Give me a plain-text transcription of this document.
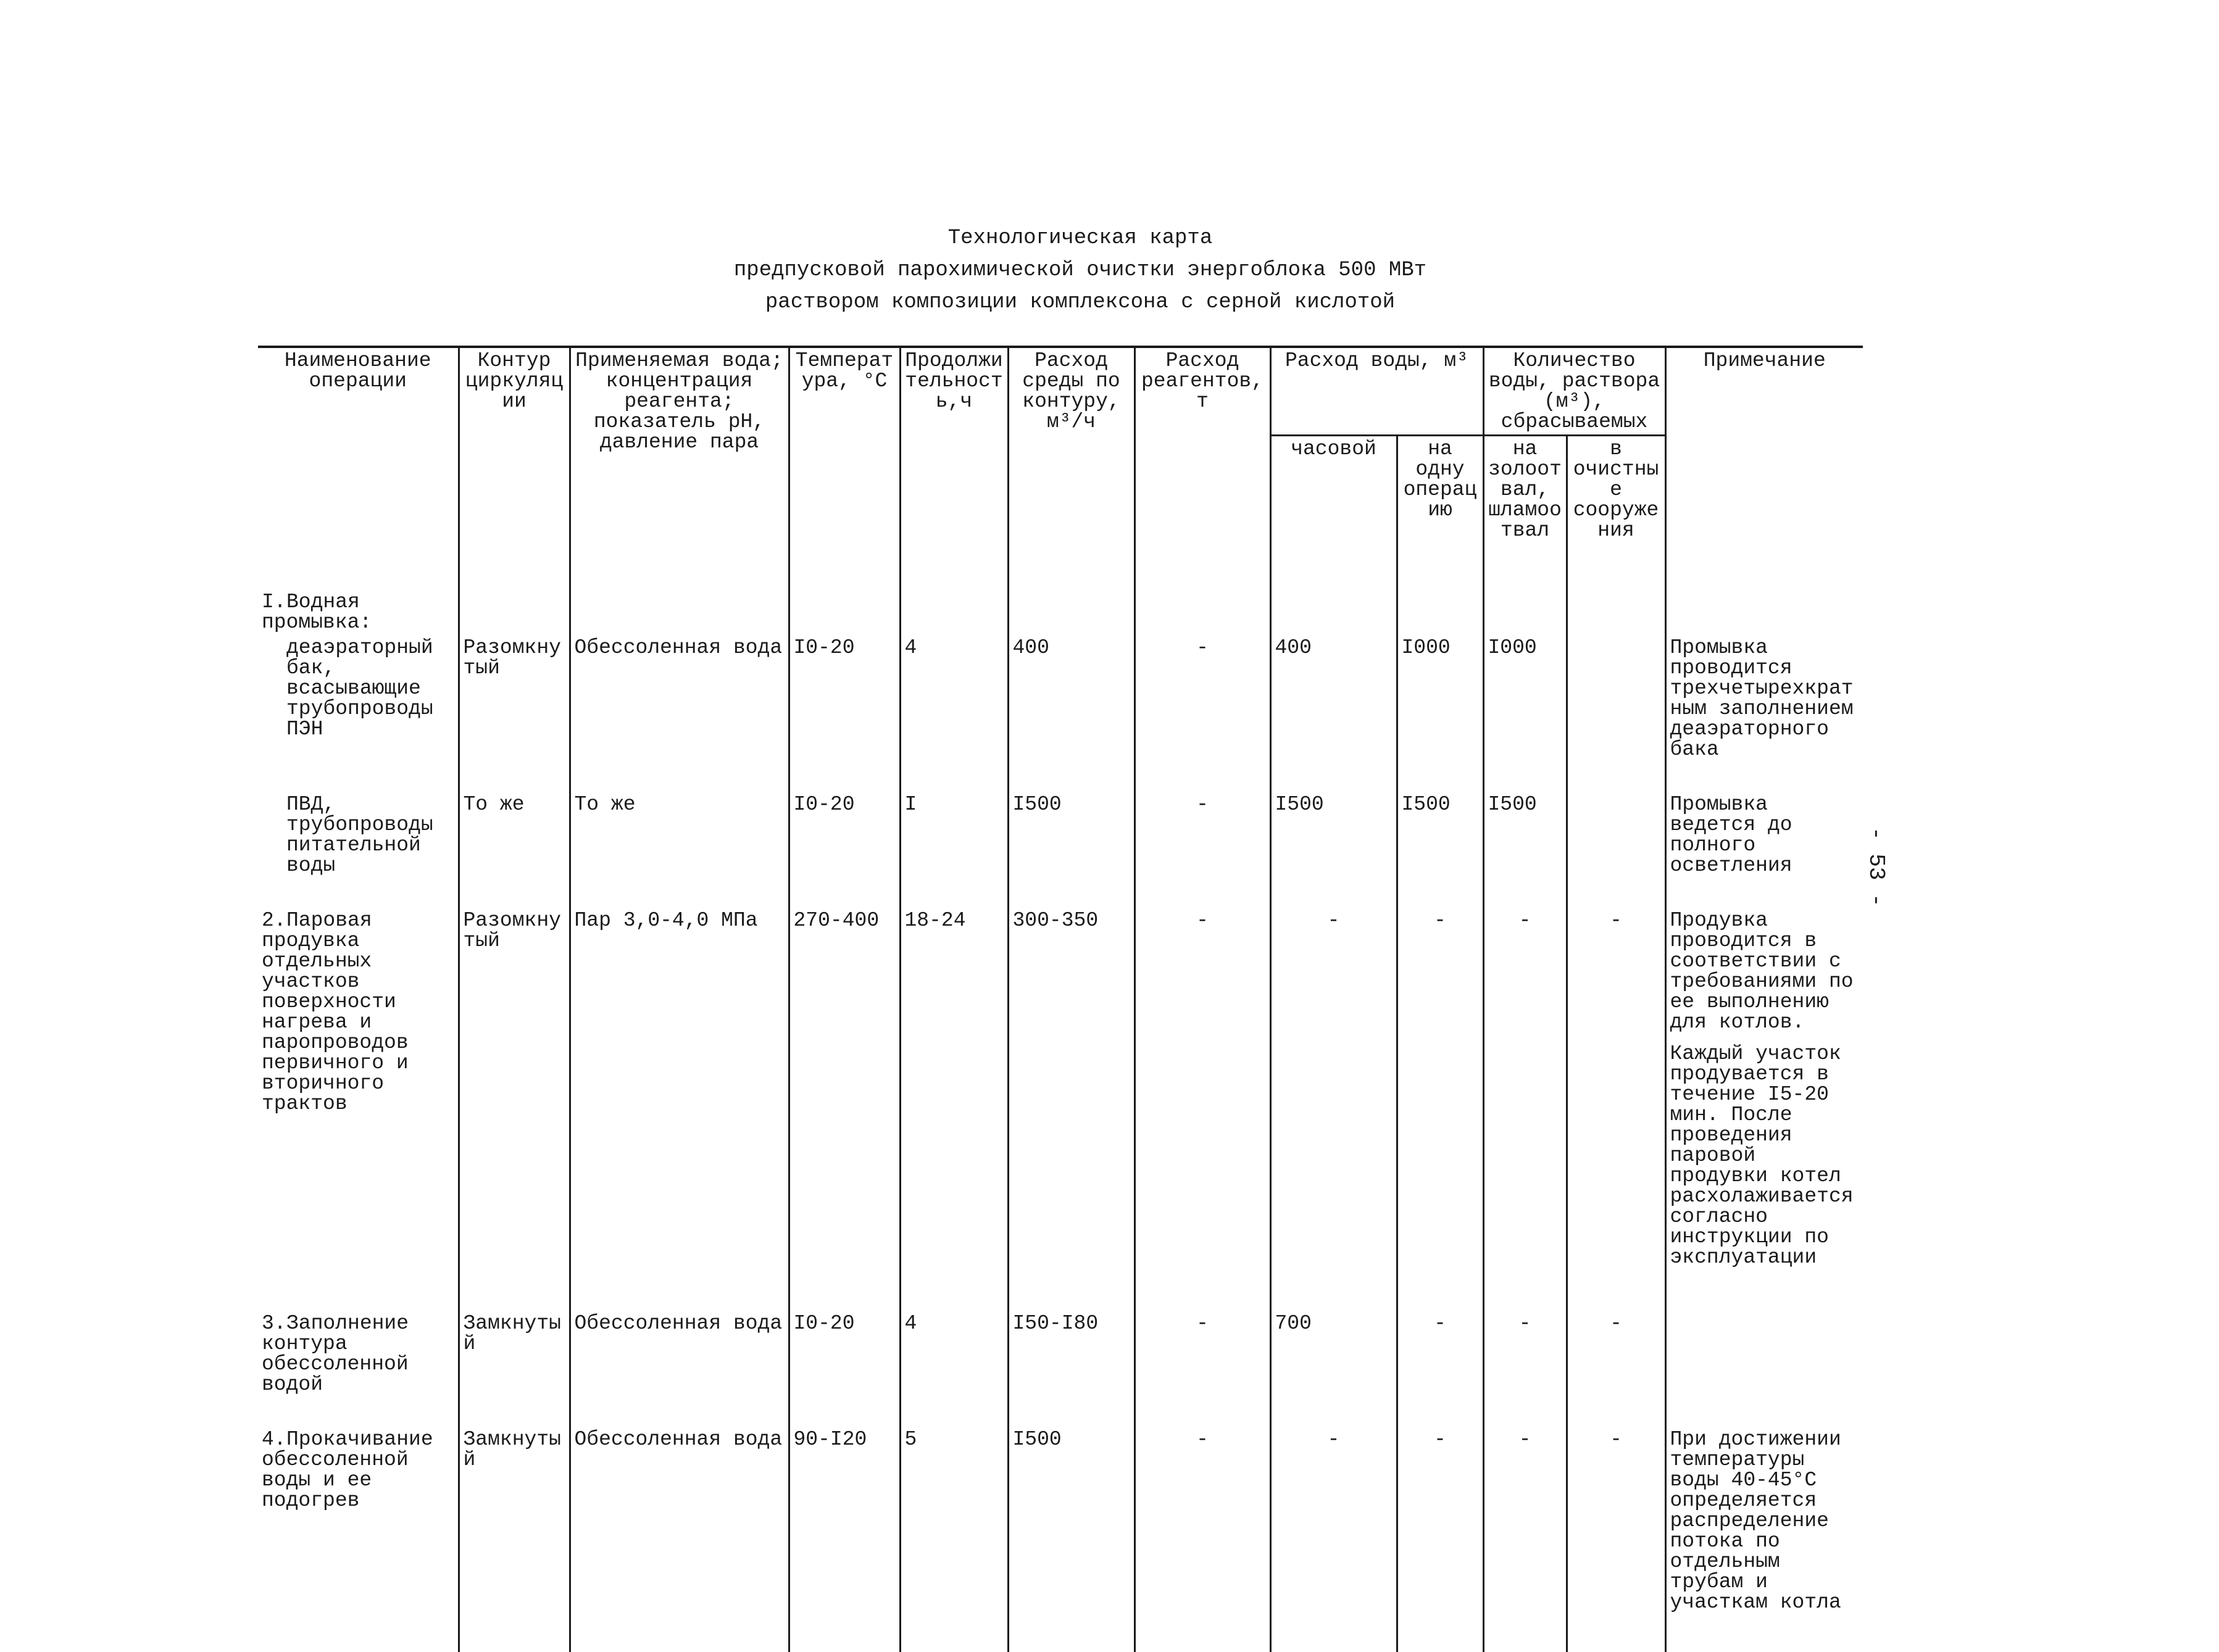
Технологическая карта
предпусковой парохимической очистки энергоблока 500 МВт
раствором композиции комплексона с серной кислотой
- 53 -
Наименование операции	Контур циркуляции	Применяемая вода; концентрация реагента; показатель pH, давление пара	Температура, °С	Продолжительность,ч	Расход среды по контуру, м³/ч	Расход реагентов, т	Расход воды, м³		Количество воды, раствора (м³), сбрасываемых		Примечание
							часовой	на одну операцию	на золоотвал, шламоотвал	в очистные сооружения	

I.Водная промывка:											
деаэраторный бак, всасывающие трубопроводы ПЭН	Разомкнутый	Обессоленная вода	I0-20	4	400	-	400	I000	I000		Промывка проводится трехчетырехкратным заполнением деаэраторного бака

ПВД, трубопроводы питательной воды	То же	То же	I0-20	I	I500	-	I500	I500	I500		Промывка ведется до полного осветления

2.Паровая продувка отдельных участков поверхности нагрева и паропроводов первичного и вторичного трактов	Разомкнутый	Пар 3,0-4,0 МПа	270-400	18-24	300-350	-	-	-	-	-	Продувка проводится в соответствии с требованиями по ее выполнению для котлов.

Каждый участок продувается в течение I5-20 мин. После проведения паровой продувки котел расхолаживается согласно инструкции по эксплуатации

3.Заполнение контура обессоленной водой	Замкнутый	Обессоленная вода	I0-20	4	I50-I80	-	700	-	-	-	

4.Прокачивание обессоленной воды и ее подогрев	Замкнутый	Обессоленная вода	90-I20	5	I500	-	-	-	-	-	При достижении температуры воды 40-45°С определяется распределение потока по отдельным трубам и участкам котла
